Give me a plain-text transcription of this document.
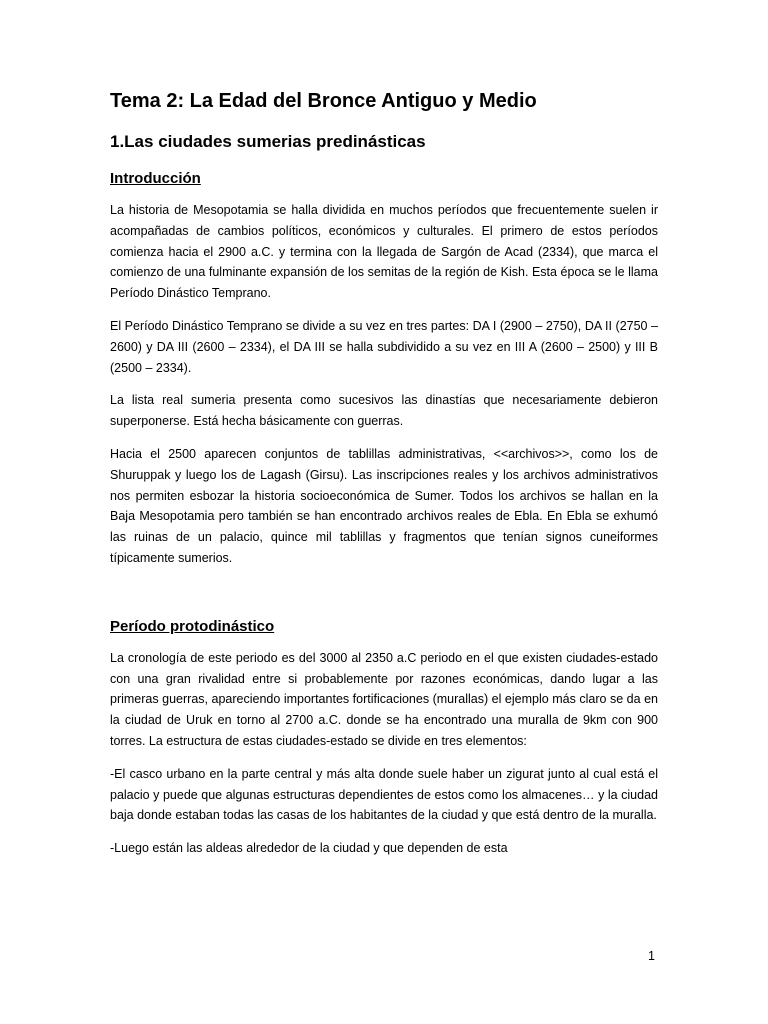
Tema 2: La Edad del Bronce Antiguo y Medio
1.Las ciudades sumerias predinásticas
Introducción

La historia de Mesopotamia se halla dividida en muchos períodos que frecuentemente suelen ir acompañadas de cambios políticos, económicos y culturales. El primero de estos períodos comienza hacia el 2900 a.C. y termina con la llegada de Sargón de Acad (2334), que marca el comienzo de una fulminante expansión de los semitas de la región de Kish. Esta época se le llama Período Dinástico Temprano.

El Período Dinástico Temprano se divide a su vez en tres partes: DA I (2900 – 2750), DA II (2750 – 2600) y DA III (2600 – 2334), el DA III se halla subdividido a su vez en III A (2600 – 2500) y III B (2500 – 2334).

La lista real sumeria presenta como sucesivos las dinastías que necesariamente debieron superponerse. Está hecha básicamente con guerras.

Hacia el 2500 aparecen conjuntos de tablillas administrativas, <<archivos>>, como los de Shuruppak y luego los de Lagash (Girsu). Las inscripciones reales y los archivos administrativos nos permiten esbozar la historia socioeconómica de Sumer. Todos los archivos se hallan en la Baja Mesopotamia pero también se han encontrado archivos reales de Ebla. En Ebla se exhumó las ruinas de un palacio, quince mil tablillas y fragmentos que tenían signos cuneiformes típicamente sumerios.

Período protodinástico

La cronología de este periodo es del 3000 al 2350 a.C periodo en el que existen ciudades-estado con una gran rivalidad entre si probablemente por razones económicas, dando lugar a las primeras guerras, apareciendo importantes fortificaciones (murallas) el ejemplo más claro se da en la ciudad de Uruk en torno al 2700 a.C. donde se ha encontrado una muralla de 9km con 900 torres. La estructura de estas ciudades-estado se divide en tres elementos:

-El casco urbano en la parte central y más alta donde suele haber un zigurat junto al cual está el palacio y puede que algunas estructuras dependientes de estos como los almacenes… y la ciudad baja donde estaban todas las casas de los habitantes de la ciudad y que está dentro de la muralla.

-Luego están las aldeas alrededor de la ciudad y que dependen de esta

1
